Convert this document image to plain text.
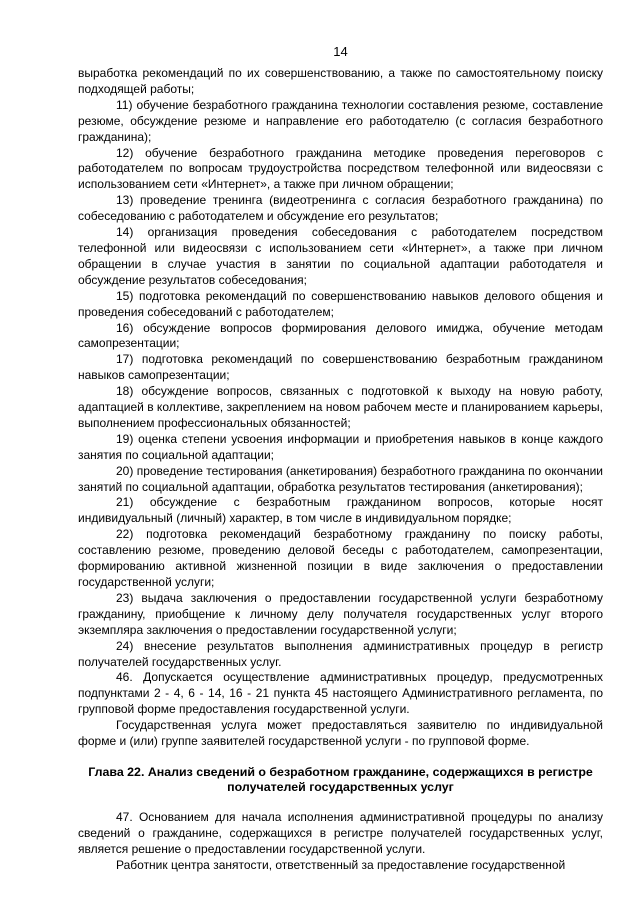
14

выработка рекомендаций по их совершенствованию, а также по самостоятельному поиску подходящей работы;

11) обучение безработного гражданина технологии составления резюме, составление резюме, обсуждение резюме и направление его работодателю (с согласия безработного гражданина);

12) обучение безработного гражданина методике проведения переговоров с работодателем по вопросам трудоустройства посредством телефонной или видеосвязи с использованием сети «Интернет», а также при личном обращении;

13) проведение тренинга (видеотренинга с согласия безработного гражданина) по собеседованию с работодателем и обсуждение его результатов;

14) организация проведения собеседования с работодателем посредством телефонной или видеосвязи с использованием сети «Интернет», а также при личном обращении в случае участия в занятии по социальной адаптации работодателя и обсуждение результатов собеседования;

15) подготовка рекомендаций по совершенствованию навыков делового общения и проведения собеседований с работодателем;

16) обсуждение вопросов формирования делового имиджа, обучение методам самопрезентации;

17) подготовка рекомендаций по совершенствованию безработным гражданином навыков самопрезентации;

18) обсуждение вопросов, связанных с подготовкой к выходу на новую работу, адаптацией в коллективе, закреплением на новом рабочем месте и планированием карьеры, выполнением профессиональных обязанностей;

19) оценка степени усвоения информации и приобретения навыков в конце каждого занятия по социальной адаптации;

20) проведение тестирования (анкетирования) безработного гражданина по окончании занятий по социальной адаптации, обработка результатов тестирования (анкетирования);

21) обсуждение с безработным гражданином вопросов, которые носят индивидуальный (личный) характер, в том числе в индивидуальном порядке;

22) подготовка рекомендаций безработному гражданину по поиску работы, составлению резюме, проведению деловой беседы с работодателем, самопрезентации, формированию активной жизненной позиции в виде заключения о предоставлении государственной услуги;

23) выдача заключения о предоставлении государственной услуги безработному гражданину, приобщение к личному делу получателя государственных услуг второго экземпляра заключения о предоставлении государственной услуги;

24) внесение результатов выполнения административных процедур в регистр получателей государственных услуг.

46. Допускается осуществление административных процедур, предусмотренных подпунктами 2 - 4, 6 - 14, 16 - 21 пункта 45 настоящего Административного регламента, по групповой форме предоставления государственной услуги.

Государственная услуга может предоставляться заявителю по индивидуальной форме и (или) группе заявителей государственной услуги - по групповой форме.

Глава 22. Анализ сведений о безработном гражданине, содержащихся в регистре получателей государственных услуг

47. Основанием для начала исполнения административной процедуры по анализу сведений о гражданине, содержащихся в регистре получателей государственных услуг, является решение о предоставлении государственной услуги.

Работник центра занятости, ответственный за предоставление государственной
